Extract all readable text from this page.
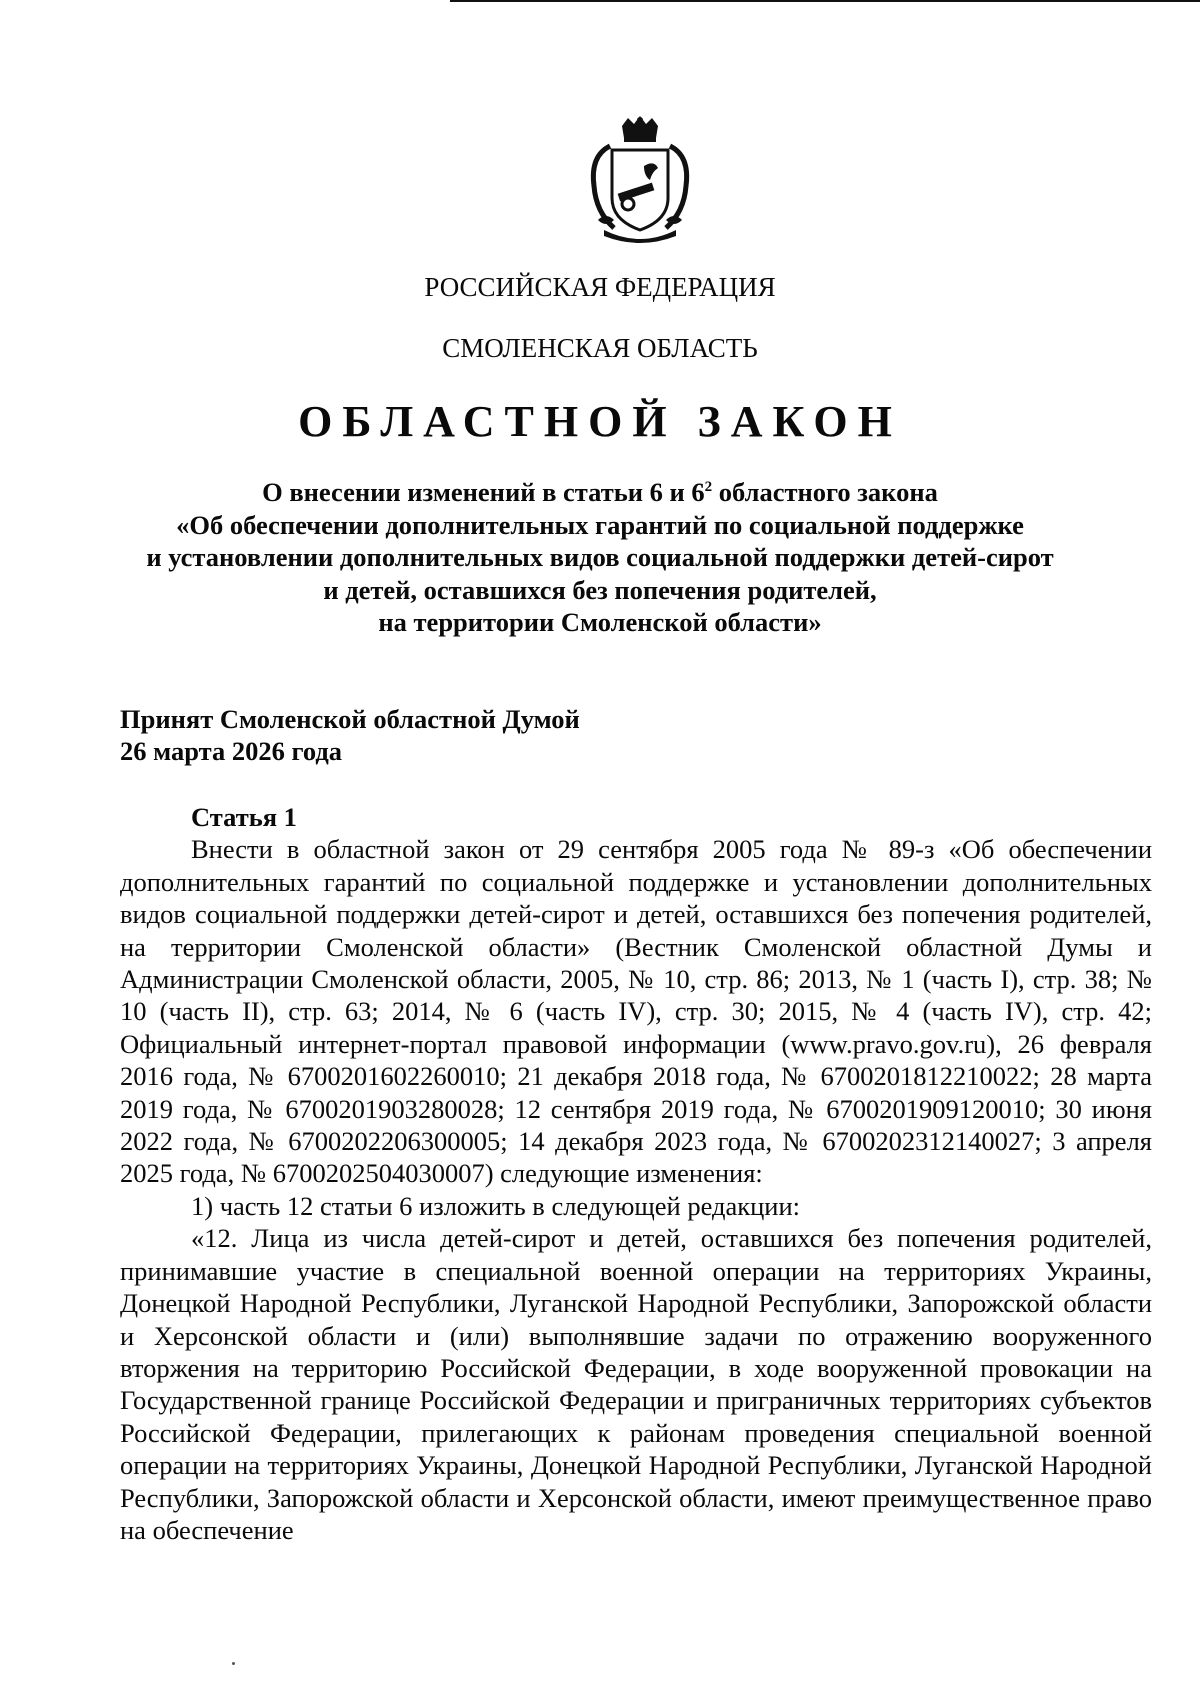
РОССИЙСКАЯ ФЕДЕРАЦИЯ
СМОЛЕНСКАЯ ОБЛАСТЬ
ОБЛАСТНОЙ ЗАКОН
О внесении изменений в статьи 6 и $6^2$ областного закона
«Об обеспечении дополнительных гарантий по социальной поддержке
и установлении дополнительных видов социальной поддержки детей-сирот
и детей, оставшихся без попечения родителей,
на территории Смоленской области»
Принят Смоленской областной Думой
26 марта 2026 года

Статья 1

Внести в областной закон от 29 сентября 2005 года № 89-з «Об обеспечении дополнительных гарантий по социальной поддержке и установлении дополнительных видов социальной поддержки детей-сирот и детей, оставшихся без попечения родителей, на территории Смоленской области» (Вестник Смоленской областной Думы и Администрации Смоленской области, 2005, № 10, стр. 86; 2013, № 1 (часть I), стр. 38; № 10 (часть II), стр. 63; 2014, № 6 (часть IV), стр. 30; 2015, № 4 (часть IV), стр. 42; Официальный интернет-портал правовой информации (www.pravo.gov.ru), 26 февраля 2016 года, № 6700201602260010; 21 декабря 2018 года, № 6700201812210022; 28 марта 2019 года, № 6700201903280028; 12 сентября 2019 года, № 6700201909120010; 30 июня 2022 года, № 6700202206300005; 14 декабря 2023 года, № 6700202312140027; 3 апреля 2025 года, № 6700202504030007) следующие изменения:

1) часть 12 статьи 6 изложить в следующей редакции:

«12. Лица из числа детей-сирот и детей, оставшихся без попечения родителей, принимавшие участие в специальной военной операции на территориях Украины, Донецкой Народной Республики, Луганской Народной Республики, Запорожской области и Херсонской области и (или) выполнявшие задачи по отражению вооруженного вторжения на территорию Российской Федерации, в ходе вооруженной провокации на Государственной границе Российской Федерации и приграничных территориях субъектов Российской Федерации, прилегающих к районам проведения специальной военной операции на территориях Украины, Донецкой Народной Республики, Луганской Народной Республики, Запорожской области и Херсонской области, имеют преимущественное право на обеспечение
